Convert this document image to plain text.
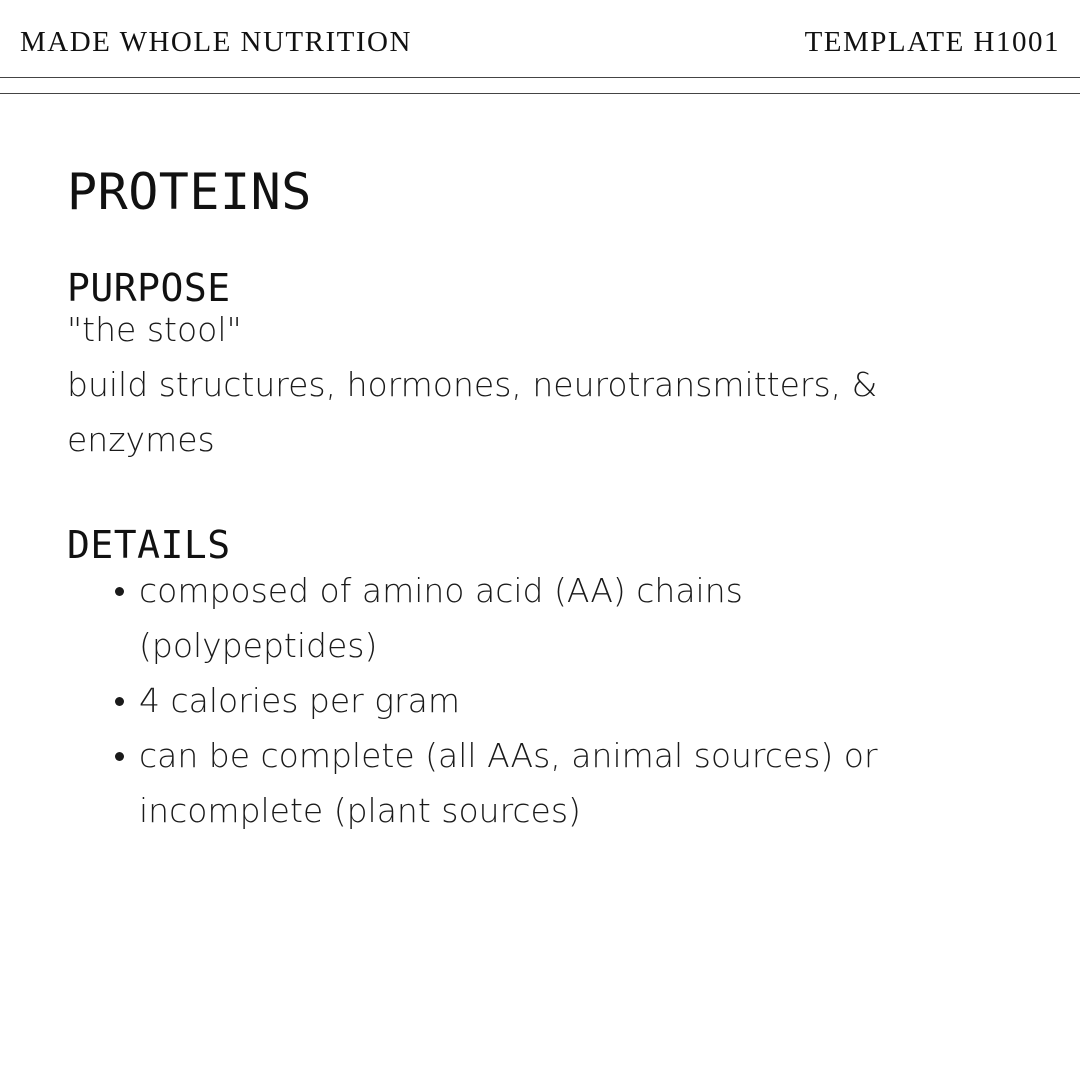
MADE WHOLE NUTRITION	TEMPLATE H1001
PROTEINS
PURPOSE

"the stool"

build structures, hormones, neurotransmitters, & enzymes

DETAILS
composed of amino acid (AA) chains (polypeptides)
4 calories per gram
can be complete (all AAs, animal sources) or incomplete (plant sources)
